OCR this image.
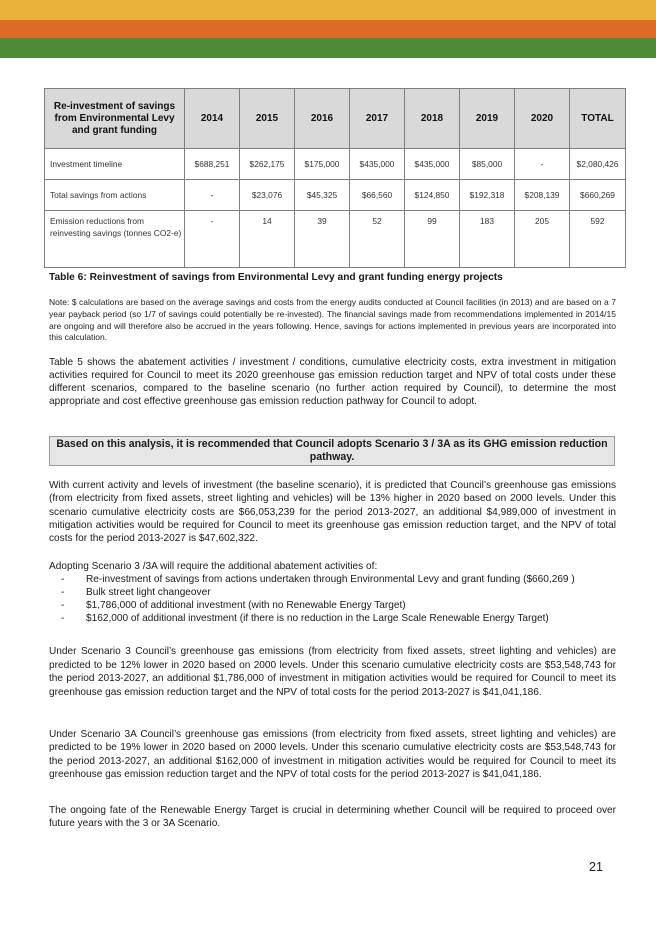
Re-investment of savings from Environmental Levy and grant funding	2014	2015	2016	2017	2018	2019	2020	TOTAL
Investment timeline	$688,251	$262,175	$175,000	$435,000	$435,000	$85,000	-	$2,080,426
Total savings from actions	-	$23,076	$45,325	$66,560	$124,850	$192,318	$208,139	$660,269
Emission reductions from reinvesting savings (tonnes CO2-e)	-	14	39	52	99	183	205	592
Table 6: Reinvestment of savings from Environmental Levy and grant funding energy projects
Note: $ calculations are based on the average savings and costs from the energy audits conducted at Council facilities (in 2013) and are based on a 7 year payback period (so 1/7 of savings could potentially be re-invested). The financial savings made from recommendations implemented in 2014/15 are ongoing and will therefore also be accrued in the years following. Hence, savings for actions implemented in previous years are incorporated into this calculation.
Table 5 shows the abatement activities / investment / conditions, cumulative electricity costs, extra investment in mitigation activities required for Council to meet its 2020 greenhouse gas emission reduction target and NPV of total costs under these different scenarios, compared to the baseline scenario (no further action required by Council), to determine the most appropriate and cost effective greenhouse gas emission reduction pathway for Council to adopt.
Based on this analysis, it is recommended that Council adopts Scenario 3 / 3A as its GHG emission reduction pathway.
With current activity and levels of investment (the baseline scenario), it is predicted that Council’s greenhouse gas emissions (from electricity from fixed assets, street lighting and vehicles) will be 13% higher in 2020 based on 2000 levels. Under this scenario cumulative electricity costs are $66,053,239 for the period 2013-2027, an additional $4,989,000 of investment in mitigation activities would be required for Council to meet its greenhouse gas emission reduction target, and the NPV of total costs for the period 2013-2027 is $47,602,322.
Adopting Scenario 3 /3A will require the additional abatement activities of:
- Re-investment of savings from actions undertaken through Environmental Levy and grant funding ($660,269 )
- Bulk street light changeover
- $1,786,000 of additional investment (with no Renewable Energy Target)
- $162,000 of additional investment (if there is no reduction in the Large Scale Renewable Energy Target)
Under Scenario 3 Council’s greenhouse gas emissions (from electricity from fixed assets, street lighting and vehicles) are predicted to be 12% lower in 2020 based on 2000 levels. Under this scenario cumulative electricity costs are $53,548,743 for the period 2013-2027, an additional $1,786,000 of investment in mitigation activities would be required for Council to meet its greenhouse gas emission reduction target and the NPV of total costs for the period 2013-2027 is $41,041,186.
Under Scenario 3A Council’s greenhouse gas emissions (from electricity from fixed assets, street lighting and vehicles) are predicted to be 19% lower in 2020 based on 2000 levels. Under this scenario cumulative electricity costs are $53,548,743 for the period 2013-2027, an additional $162,000 of investment in mitigation activities would be required for Council to meet its greenhouse gas emission reduction target and the NPV of total costs for the period 2013-2027 is $41,041,186.
The ongoing fate of the Renewable Energy Target is crucial in determining whether Council will be required to proceed over future years with the 3 or 3A Scenario.
21
